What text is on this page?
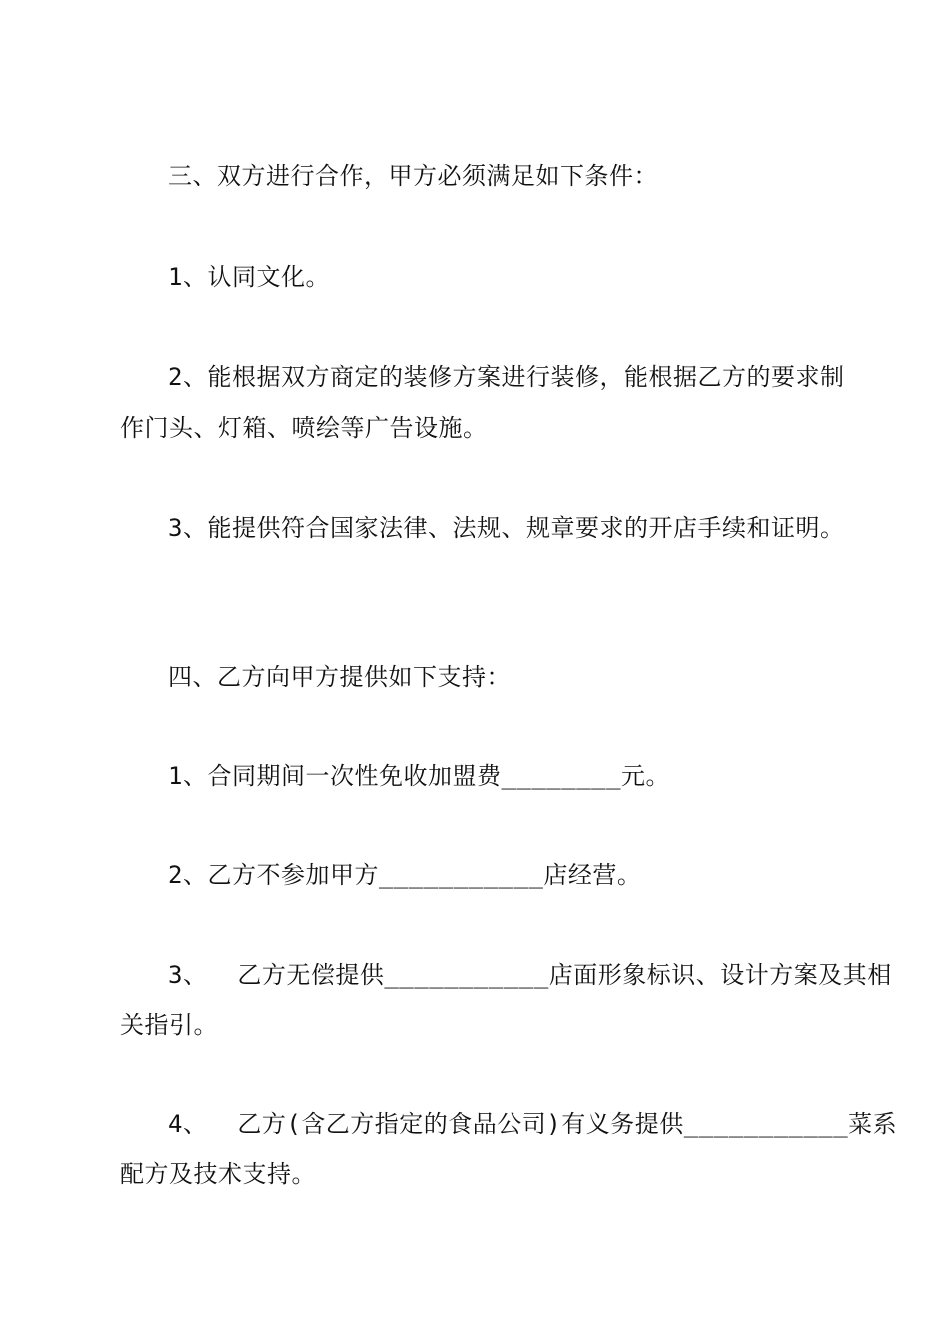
三、双方进行合作，甲方必须满足如下条件：
1、认同文化。
2、能根据双方商定的装修方案进行装修，能根据乙方的要求制
作门头、灯箱、喷绘等广告设施。
3、能提供符合国家法律、法规、规章要求的开店手续和证明。
四、乙方向甲方提供如下支持：
1、合同期间一次性免收加盟费________元。
2、乙方不参加甲方___________店经营。
3、  乙方无偿提供___________店面形象标识、设计方案及其相
关指引。
4、  乙方(含乙方指定的食品公司)有义务提供___________菜系
配方及技术支持。
